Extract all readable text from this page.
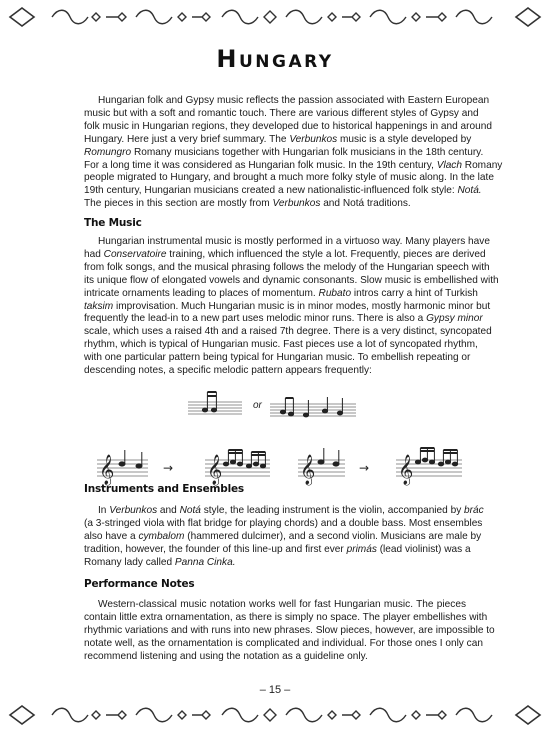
Hungary
Hungarian folk and Gypsy music reflects the passion associated with Eastern European
music but with a soft and romantic touch. There are various different styles of Gypsy and
folk music in Hungarian regions, they developed due to historical happenings in and around
Hungary. Here just a very brief summary. The Verbunkos music is a style developed by
Romungro Romany musicians together with Hungarian folk musicians in the 18th century.
For a long time it was considered as Hungarian folk music. In the 19th century, Vlach Romany
people migrated to Hungary, and brought a much more folky style of music along. In the late
19th century, Hungarian musicians created a new nationalistic-influenced folk style: Notá.
The pieces in this section are mostly from Verbunkos and Notá traditions.
The Music
Hungarian instrumental music is mostly performed in a virtuoso way. Many players have
had Conservatoire training, which influenced the style a lot. Frequently, pieces are derived
from folk songs, and the musical phrasing follows the melody of the Hungarian speech with
its unique flow of elongated vowels and dynamic consonants. Slow music is embellished with
intricate ornaments leading to places of momentum. Rubato intros carry a hint of Turkish
taksim improvisation. Much Hungarian music is in minor modes, mostly harmonic minor but
frequently the lead-in to a new part uses melodic minor runs. There is also a Gypsy minor
scale, which uses a raised 4th and a raised 7th degree. There is a very distinct, syncopated
rhythm, which is typical of Hungarian music. Fast pieces use a lot of syncopated rhythm,
with one particular pattern being typical for Hungarian music. To embellish repeating or
descending notes, a specific melodic pattern appears frequently:
or
𝄞	𝄞
→	𝄞	𝄞
→
Instruments and Ensembles
In Verbunkos and Notá style, the leading instrument is the violin, accompanied by brác
(a 3-stringed viola with flat bridge for playing chords) and a double bass. Most ensembles
also have a cymbalom (hammered dulcimer), and a second violin. Musicians are male by
tradition, however, the founder of this line-up and first ever primás (lead violinist) was a
Romany lady called Panna Cinka.
Performance Notes
Western-classical music notation works well for fast Hungarian music. The pieces
contain little extra ornamentation, as there is simply no space. The player embellishes with
rhythmic variations and with runs into new phrases. Slow pieces, however, are impossible to
notate well, as the ornamentation is complicated and individual. For those ones I only can
recommend listening and using the notation as a guideline only.

– 15 –
